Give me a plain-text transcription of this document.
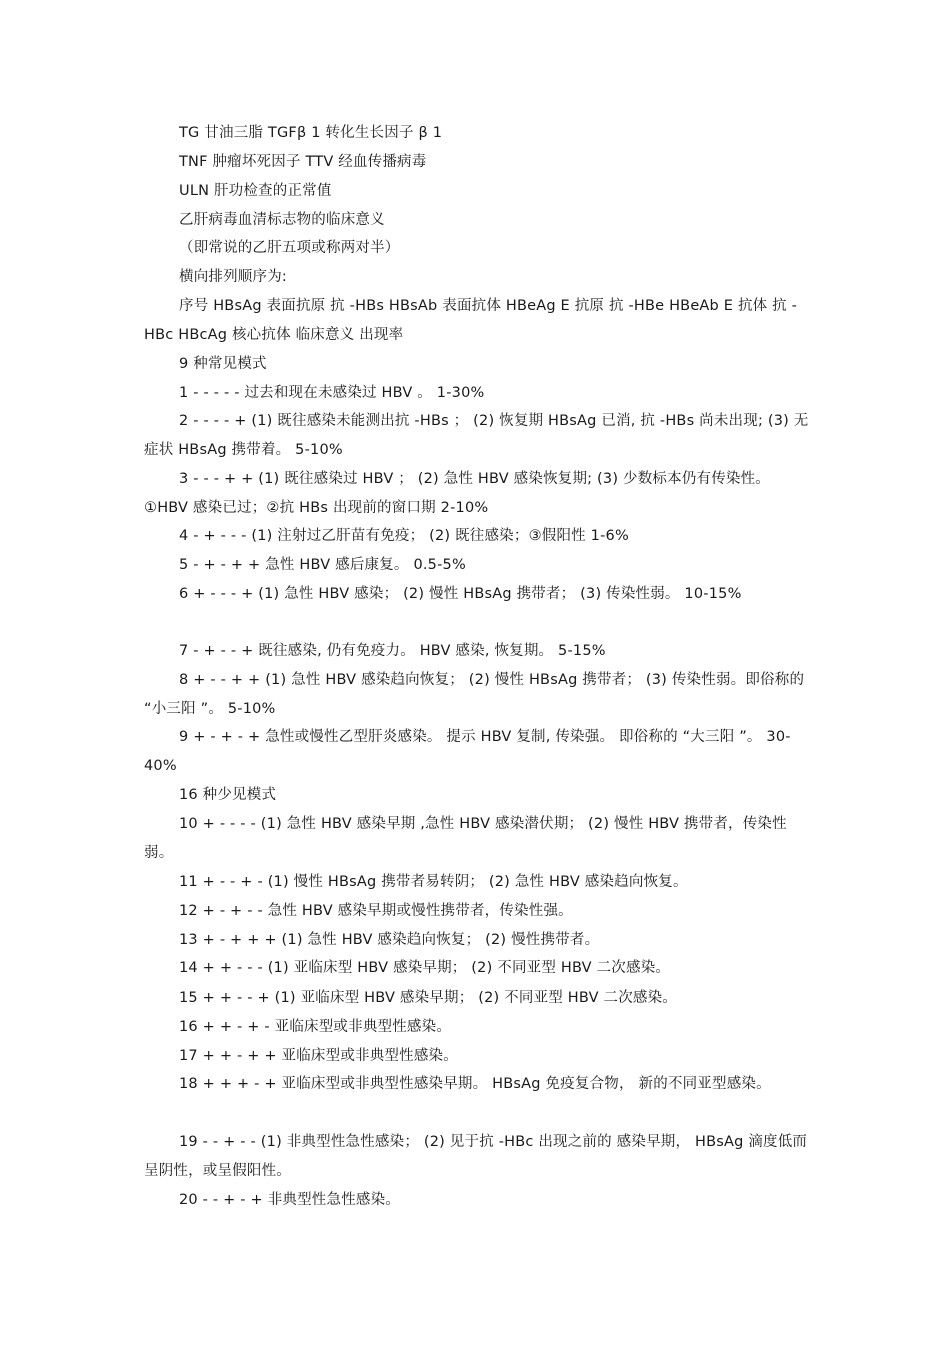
TG 甘油三脂 TGFβ 1 转化生长因子 β 1
TNF 肿瘤坏死因子 TTV 经血传播病毒
ULN 肝功检查的正常值
乙肝病毒血清标志物的临床意义
（即常说的乙肝五项或称两对半）
横向排列顺序为:
序号 HBsAg 表面抗原 抗 -HBs HBsAb 表面抗体 HBeAg E 抗原 抗 -HBe HBeAb E 抗体 抗 -HBc HBcAg 核心抗体 临床意义 出现率
9 种常见模式
1 - - - - - 过去和现在未感染过 HBV 。 1-30%
2 - - - - + (1) 既往感染未能测出抗 -HBs ； (2) 恢复期 HBsAg 已消, 抗 -HBs 尚未出现; (3) 无症状 HBsAg 携带着。 5-10%
3 - - - + + (1) 既往感染过 HBV ； (2) 急性 HBV 感染恢复期; (3) 少数标本仍有传染性。 ①HBV 感染已过；②抗 HBs 出现前的窗口期 2-10%
4 - + - - - (1) 注射过乙肝苗有免疫； (2) 既往感染；③假阳性 1-6%
5 - + - + + 急性 HBV 感后康复。 0.5-5%
6 + - - - + (1) 急性 HBV 感染； (2) 慢性 HBsAg 携带者； (3) 传染性弱。 10-15%
7 - + - - + 既往感染, 仍有免疫力。 HBV 感染, 恢复期。 5-15%
8 + - - + + (1) 急性 HBV 感染趋向恢复； (2) 慢性 HBsAg 携带者； (3) 传染性弱。即俗称的 “小三阳 ”。 5-10%
9 + - + - + 急性或慢性乙型肝炎感染。 提示 HBV 复制, 传染强。 即俗称的 “大三阳 ”。 30-40%
16 种少见模式
10 + - - - - (1) 急性 HBV 感染早期 ,急性 HBV 感染潜伏期； (2) 慢性 HBV 携带者，传染性弱。
11 + - - + - (1) 慢性 HBsAg 携带者易转阴； (2) 急性 HBV 感染趋向恢复。
12 + - + - - 急性 HBV 感染早期或慢性携带者，传染性强。
13 + - + + + (1) 急性 HBV 感染趋向恢复； (2) 慢性携带者。
14 + + - - - (1) 亚临床型 HBV 感染早期； (2) 不同亚型 HBV 二次感染。
15 + + - - + (1) 亚临床型 HBV 感染早期； (2) 不同亚型 HBV 二次感染。
16 + + - + - 亚临床型或非典型性感染。
17 + + - + + 亚临床型或非典型性感染。
18 + + + - + 亚临床型或非典型性感染早期。 HBsAg 免疫复合物， 新的不同亚型感染。
19 - - + - - (1) 非典型性急性感染； (2) 见于抗 -HBc 出现之前的 感染早期， HBsAg 滴度低而呈阴性，或呈假阳性。
20 - - + - + 非典型性急性感染。
